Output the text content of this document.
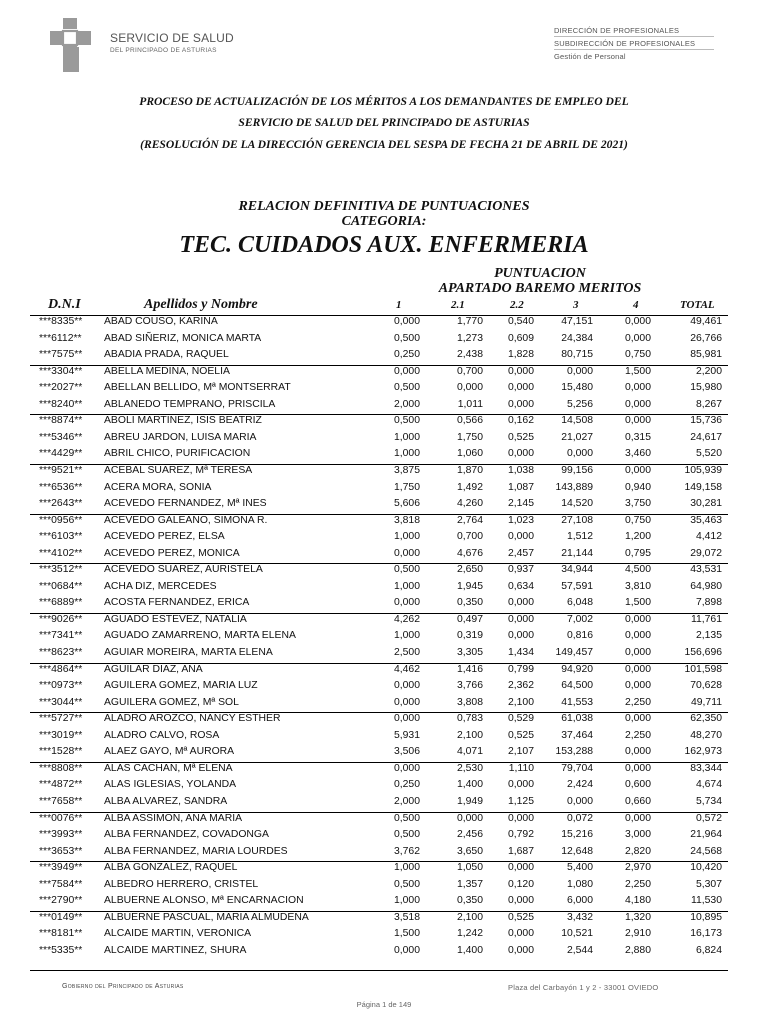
SERVICIO DE SALUD
DEL PRINCIPADO DE ASTURIAS
DIRECCIÓN DE PROFESIONALES
SUBDIRECCIÓN DE PROFESIONALES
Gestión de Personal
PROCESO DE ACTUALIZACIÓN DE LOS MÉRITOS A LOS DEMANDANTES DE EMPLEO DEL
SERVICIO DE SALUD DEL PRINCIPADO DE ASTURIAS
(RESOLUCIÓN DE LA DIRECCIÓN GERENCIA DEL SESPA DE FECHA 21 DE ABRIL DE 2021)
RELACION DEFINITIVA DE PUNTUACIONES
CATEGORIA:
TEC. CUIDADOS AUX. ENFERMERIA
PUNTUACION
APARTADO BAREMO MERITOS
D.N.I	Apellidos y Nombre	1	2.1	2.2	3	4	TOTAL
***8335** ABAD COUSO, KARINA	0,000	1,770 0,540	47,151	0,000	49,461
***6112** ABAD SIÑERIZ, MONICA MARTA	0,500	1,273 0,609	24,384	0,000	26,766
***7575** ABADIA PRADA, RAQUEL	0,250	2,438 1,828	80,715	0,750	85,981
***3304** ABELLA MEDINA, NOELIA	0,000	0,700 0,000	0,000	1,500	2,200
***2027** ABELLAN BELLIDO, Mª MONTSERRAT	0,500	0,000 0,000	15,480	0,000	15,980
***8240** ABLANEDO TEMPRANO, PRISCILA	2,000	1,011 0,000	5,256	0,000	8,267
***8874** ABOLI MARTINEZ, ISIS BEATRIZ	0,500	0,566 0,162	14,508	0,000	15,736
***5346** ABREU JARDON, LUISA MARIA	1,000	1,750 0,525	21,027	0,315	24,617
***4429** ABRIL CHICO, PURIFICACION	1,000	1,060 0,000	0,000	3,460	5,520
***9521** ACEBAL SUAREZ, Mª TERESA	3,875	1,870 1,038	99,156	0,000	105,939
***6536** ACERA MORA, SONIA	1,750	1,492 1,087 143,889	0,940	149,158
***2643** ACEVEDO FERNANDEZ, Mª INES	5,606	4,260 2,145	14,520	3,750	30,281
***0956** ACEVEDO GALEANO, SIMONA R.	3,818	2,764 1,023	27,108	0,750	35,463
***6103** ACEVEDO PEREZ, ELSA	1,000	0,700 0,000	1,512	1,200	4,412
***4102** ACEVEDO PEREZ, MONICA	0,000	4,676 2,457	21,144	0,795	29,072
***3512** ACEVEDO SUAREZ, AURISTELA	0,500	2,650 0,937	34,944	4,500	43,531
***0684** ACHA DIZ, MERCEDES	1,000	1,945 0,634	57,591	3,810	64,980
***6889** ACOSTA FERNANDEZ, ERICA	0,000	0,350 0,000	6,048	1,500	7,898
***9026** AGUADO ESTEVEZ, NATALIA	4,262	0,497 0,000	7,002	0,000	11,761
***7341** AGUADO ZAMARRENO, MARTA ELENA	1,000	0,319 0,000	0,816	0,000	2,135
***8623** AGUIAR MOREIRA, MARTA ELENA	2,500	3,305 1,434 149,457	0,000	156,696
***4864** AGUILAR DIAZ, ANA	4,462	1,416 0,799	94,920	0,000	101,598
***0973** AGUILERA GOMEZ, MARIA LUZ	0,000	3,766 2,362	64,500	0,000	70,628
***3044** AGUILERA GOMEZ, Mª SOL	0,000	3,808 2,100	41,553	2,250	49,711
***5727** ALADRO AROZCO, NANCY ESTHER	0,000	0,783 0,529	61,038	0,000	62,350
***3019** ALADRO CALVO, ROSA	5,931	2,100 0,525	37,464	2,250	48,270
***1528** ALAEZ GAYO, Mª AURORA	3,506	4,071 2,107 153,288	0,000	162,973
***8808** ALAS CACHAN, Mª ELENA	0,000	2,530 1,110	79,704	0,000	83,344
***4872** ALAS IGLESIAS, YOLANDA	0,250	1,400 0,000	2,424	0,600	4,674
***7658** ALBA ALVAREZ, SANDRA	2,000	1,949 1,125	0,000	0,660	5,734
***0076** ALBA ASSIMON, ANA MARIA	0,500	0,000 0,000	0,072	0,000	0,572
***3993** ALBA FERNANDEZ, COVADONGA	0,500	2,456 0,792	15,216	3,000	21,964
***3653** ALBA FERNANDEZ, MARIA LOURDES	3,762	3,650 1,687	12,648	2,820	24,568
***3949** ALBA GONZALEZ, RAQUEL	1,000	1,050 0,000	5,400	2,970	10,420
***7584** ALBEDRO HERRERO, CRISTEL	0,500	1,357 0,120	1,080	2,250	5,307
***2790** ALBUERNE ALONSO, Mª ENCARNACION	1,000	0,350 0,000	6,000	4,180	11,530
***0149** ALBUERNE PASCUAL, MARIA ALMUDENA	3,518	2,100 0,525	3,432	1,320	10,895
***8181** ALCAIDE MARTIN, VERONICA	1,500	1,242 0,000	10,521	2,910	16,173
***5335** ALCAIDE MARTINEZ, SHURA	0,000	1,400 0,000	2,544	2,880	6,824
Gobierno del Principado de Asturias	Plaza del Carbayón 1 y 2 - 33001 OVIEDO
Página 1 de 149
